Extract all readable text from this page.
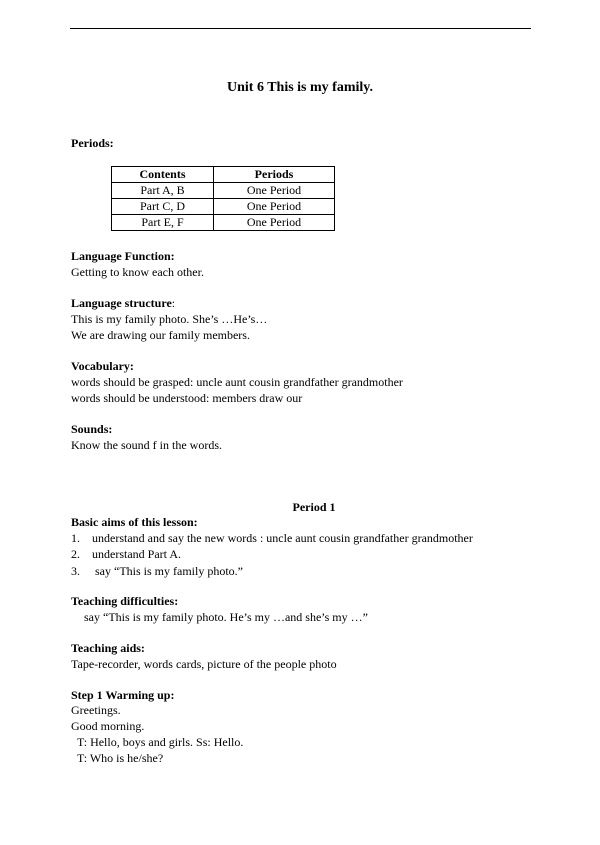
Unit 6 This is my family.
Periods:
Contents	Periods
Part A, B	One Period
Part C, D	One Period
Part E, F	One Period
Language Function:
Getting to know each other.
Language structure:
This is my family photo. She’s …He’s…
We are drawing our family members.
Vocabulary:
words should be grasped: uncle aunt cousin grandfather grandmother
words should be understood: members draw our
Sounds:
Know the sound f in the words.
Period 1
Basic aims of this lesson:
1. understand and say the new words : uncle aunt cousin grandfather grandmother
2. understand Part A.
3. say “This is my family photo.”
Teaching difficulties:
say “This is my family photo. He’s my …and she’s my …”
Teaching aids:
Tape-recorder, words cards, picture of the people photo
Step 1 Warming up:
Greetings.
Good morning.
T: Hello, boys and girls. Ss: Hello.
T: Who is he/she?
